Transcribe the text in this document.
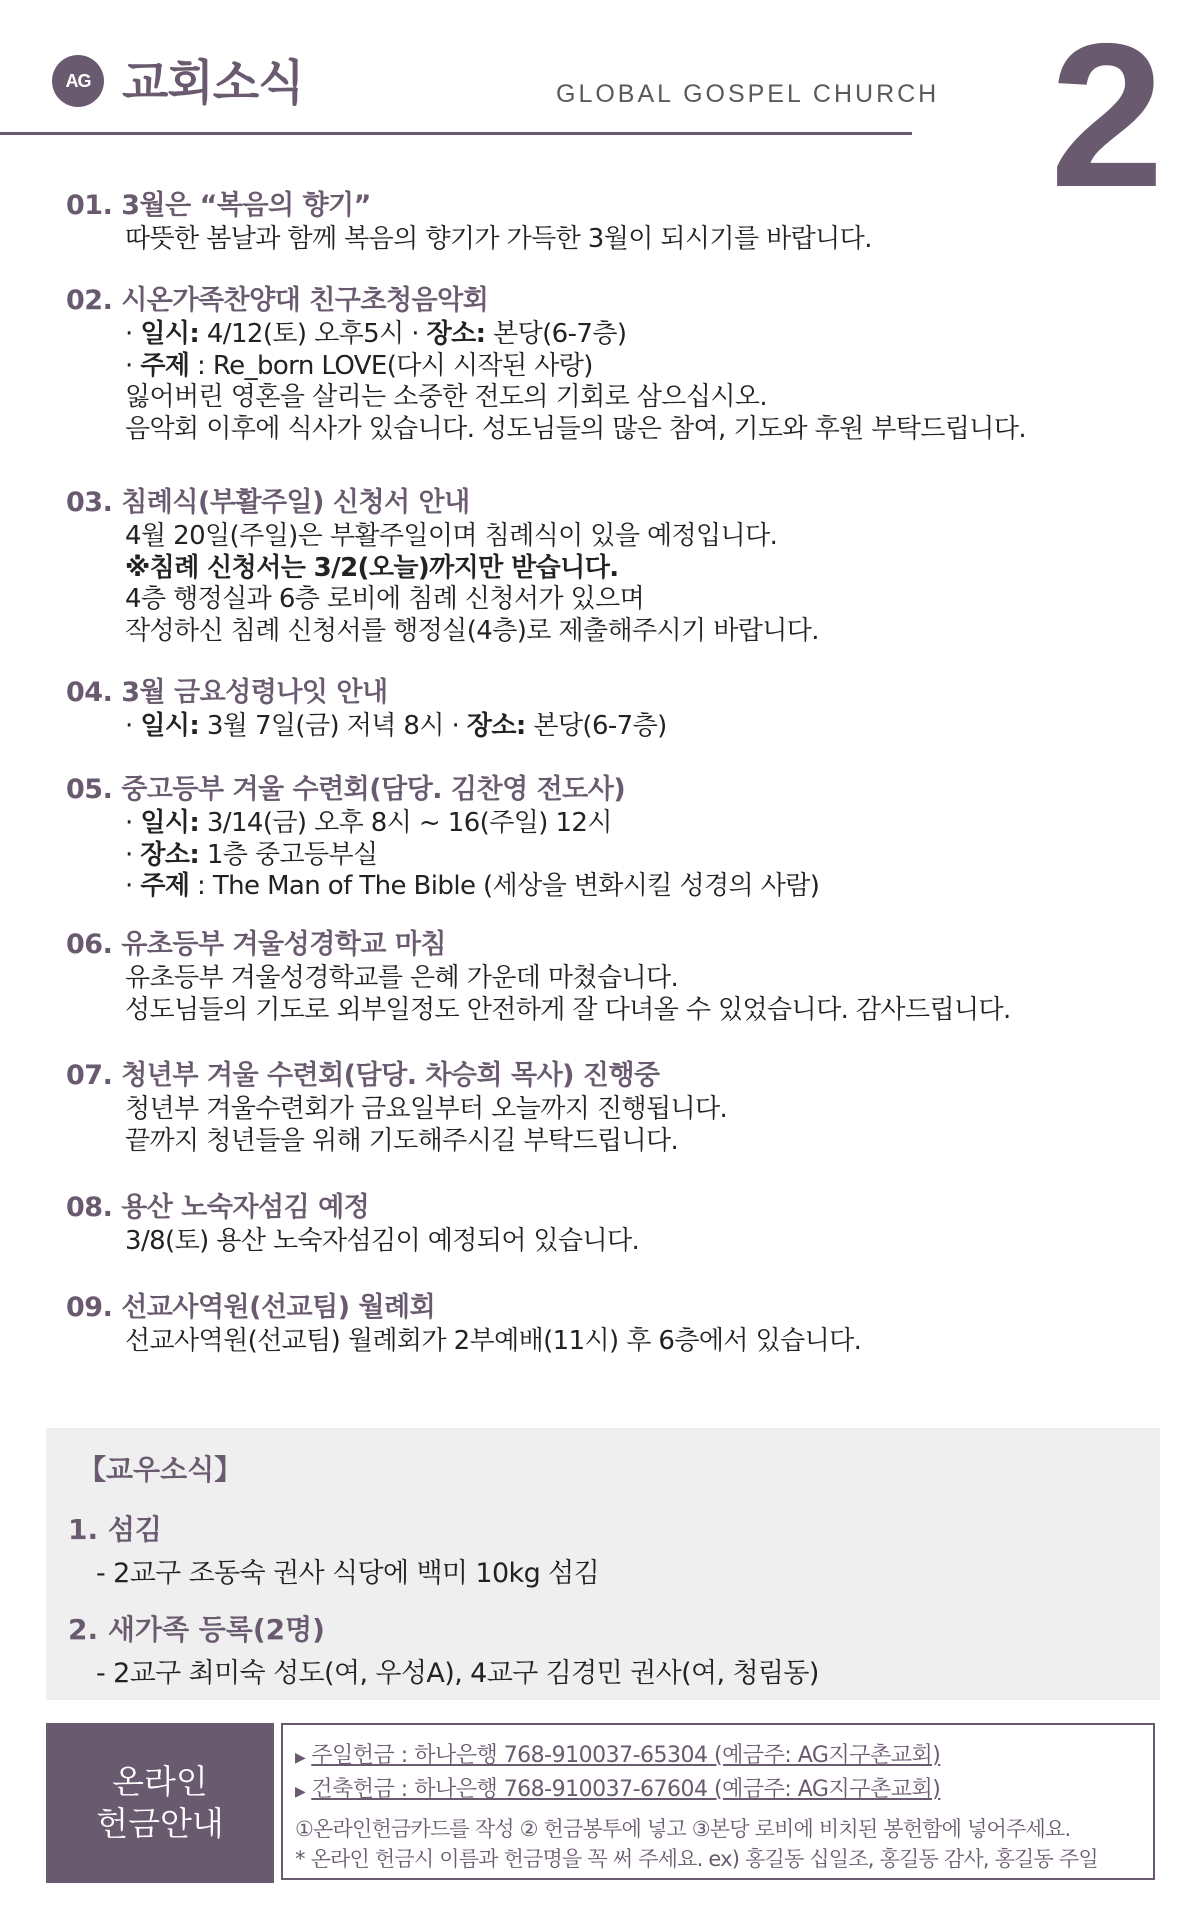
AG 교회소식	GLOBAL GOSPEL CHURCH 2
01. 3월은 “복음의 향기”
따뜻한 봄날과 함께 복음의 향기가 가득한 3월이 되시기를 바랍니다.
02. 시온가족찬양대 친구초청음악회
· 일시: 4/12(토) 오후5시 · 장소: 본당(6-7층)
· 주제 : Re_born LOVE(다시 시작된 사랑)
잃어버린 영혼을 살리는 소중한 전도의 기회로 삼으십시오.
음악회 이후에 식사가 있습니다. 성도님들의 많은 참여, 기도와 후원 부탁드립니다.
03. 침례식(부활주일) 신청서 안내
4월 20일(주일)은 부활주일이며 침례식이 있을 예정입니다.
※침례 신청서는 3/2(오늘)까지만 받습니다.
4층 행정실과 6층 로비에 침례 신청서가 있으며
작성하신 침례 신청서를 행정실(4층)로 제출해주시기 바랍니다.
04. 3월 금요성령나잇 안내
· 일시: 3월 7일(금) 저녁 8시 · 장소: 본당(6-7층)
05. 중고등부 겨울 수련회(담당. 김찬영 전도사)
· 일시: 3/14(금) 오후 8시 ~ 16(주일) 12시
· 장소: 1층 중고등부실
· 주제 : The Man of The Bible (세상을 변화시킬 성경의 사람)
06. 유초등부 겨울성경학교 마침
유초등부 겨울성경학교를 은혜 가운데 마쳤습니다.
성도님들의 기도로 외부일정도 안전하게 잘 다녀올 수 있었습니다. 감사드립니다.
07. 청년부 겨울 수련회(담당. 차승희 목사) 진행중
청년부 겨울수련회가 금요일부터 오늘까지 진행됩니다.
끝까지 청년들을 위해 기도해주시길 부탁드립니다.
08. 용산 노숙자섬김 예정
3/8(토) 용산 노숙자섬김이 예정되어 있습니다.
09. 선교사역원(선교팀) 월례회
선교사역원(선교팀) 월례회가 2부예배(11시) 후 6층에서 있습니다.
【교우소식】
1. 섬김
- 2교구 조동숙 권사 식당에 백미 10kg 섬김
2. 새가족 등록(2명)
- 2교구 최미숙 성도(여, 우성A), 4교구 김경민 권사(여, 청림동)
온라인
헌금안내
▶ 주일헌금 : 하나은행 768-910037-65304 (예금주: AG지구촌교회)
▶ 건축헌금 : 하나은행 768-910037-67604 (예금주: AG지구촌교회)
①온라인헌금카드를 작성 ② 헌금봉투에 넣고 ③본당 로비에 비치된 봉헌함에 넣어주세요.
* 온라인 헌금시 이름과 헌금명을 꼭 써 주세요. ex) 홍길동 십일조, 홍길동 감사, 홍길동 주일
